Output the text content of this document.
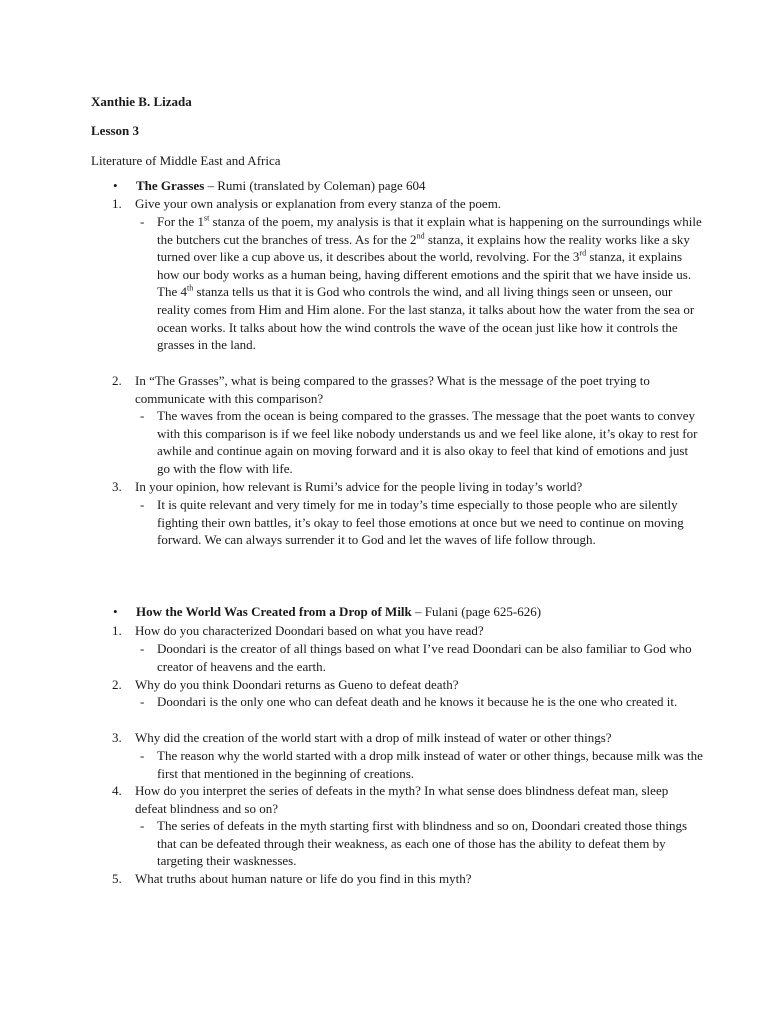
Xanthie B. Lizada

Lesson 3

Literature of Middle East and Africa

• The Grasses – Rumi (translated by Coleman) page 604
1. Give your own analysis or explanation from every stanza of the poem.
- For the 1st stanza of the poem, my analysis is that it explain what is happening on the surroundings while the butchers cut the branches of tress. As for the 2nd stanza, it explains how the reality works like a sky turned over like a cup above us, it describes about the world, revolving. For the 3rd stanza, it explains how our body works as a human being, having different emotions and the spirit that we have inside us. The 4th stanza tells us that it is God who controls the wind, and all living things seen or unseen, our reality comes from Him and Him alone. For the last stanza, it talks about how the water from the sea or ocean works. It talks about how the wind controls the wave of the ocean just like how it controls the grasses in the land.
2. In “The Grasses”, what is being compared to the grasses? What is the message of the poet trying to communicate with this comparison?
- The waves from the ocean is being compared to the grasses. The message that the poet wants to convey with this comparison is if we feel like nobody understands us and we feel like alone, it’s okay to rest for awhile and continue again on moving forward and it is also okay to feel that kind of emotions and just go with the flow with life.
3. In your opinion, how relevant is Rumi’s advice for the people living in today’s world?
- It is quite relevant and very timely for me in today’s time especially to those people who are silently fighting their own battles, it’s okay to feel those emotions at once but we need to continue on moving forward. We can always surrender it to God and let the waves of life follow through.
• How the World Was Created from a Drop of Milk – Fulani (page 625-626)
1. How do you characterized Doondari based on what you have read?
- Doondari is the creator of all things based on what I’ve read Doondari can be also familiar to God who creator of heavens and the earth.
2. Why do you think Doondari returns as Gueno to defeat death?
- Doondari is the only one who can defeat death and he knows it because he is the one who created it.
3. Why did the creation of the world start with a drop of milk instead of water or other things?
- The reason why the world started with a drop milk instead of water or other things, because milk was the first that mentioned in the beginning of creations.
4. How do you interpret the series of defeats in the myth? In what sense does blindness defeat man, sleep defeat blindness and so on?
- The series of defeats in the myth starting first with blindness and so on, Doondari created those things that can be defeated through their weakness, as each one of those has the ability to defeat them by targeting their wasknesses.
5. What truths about human nature or life do you find in this myth?
